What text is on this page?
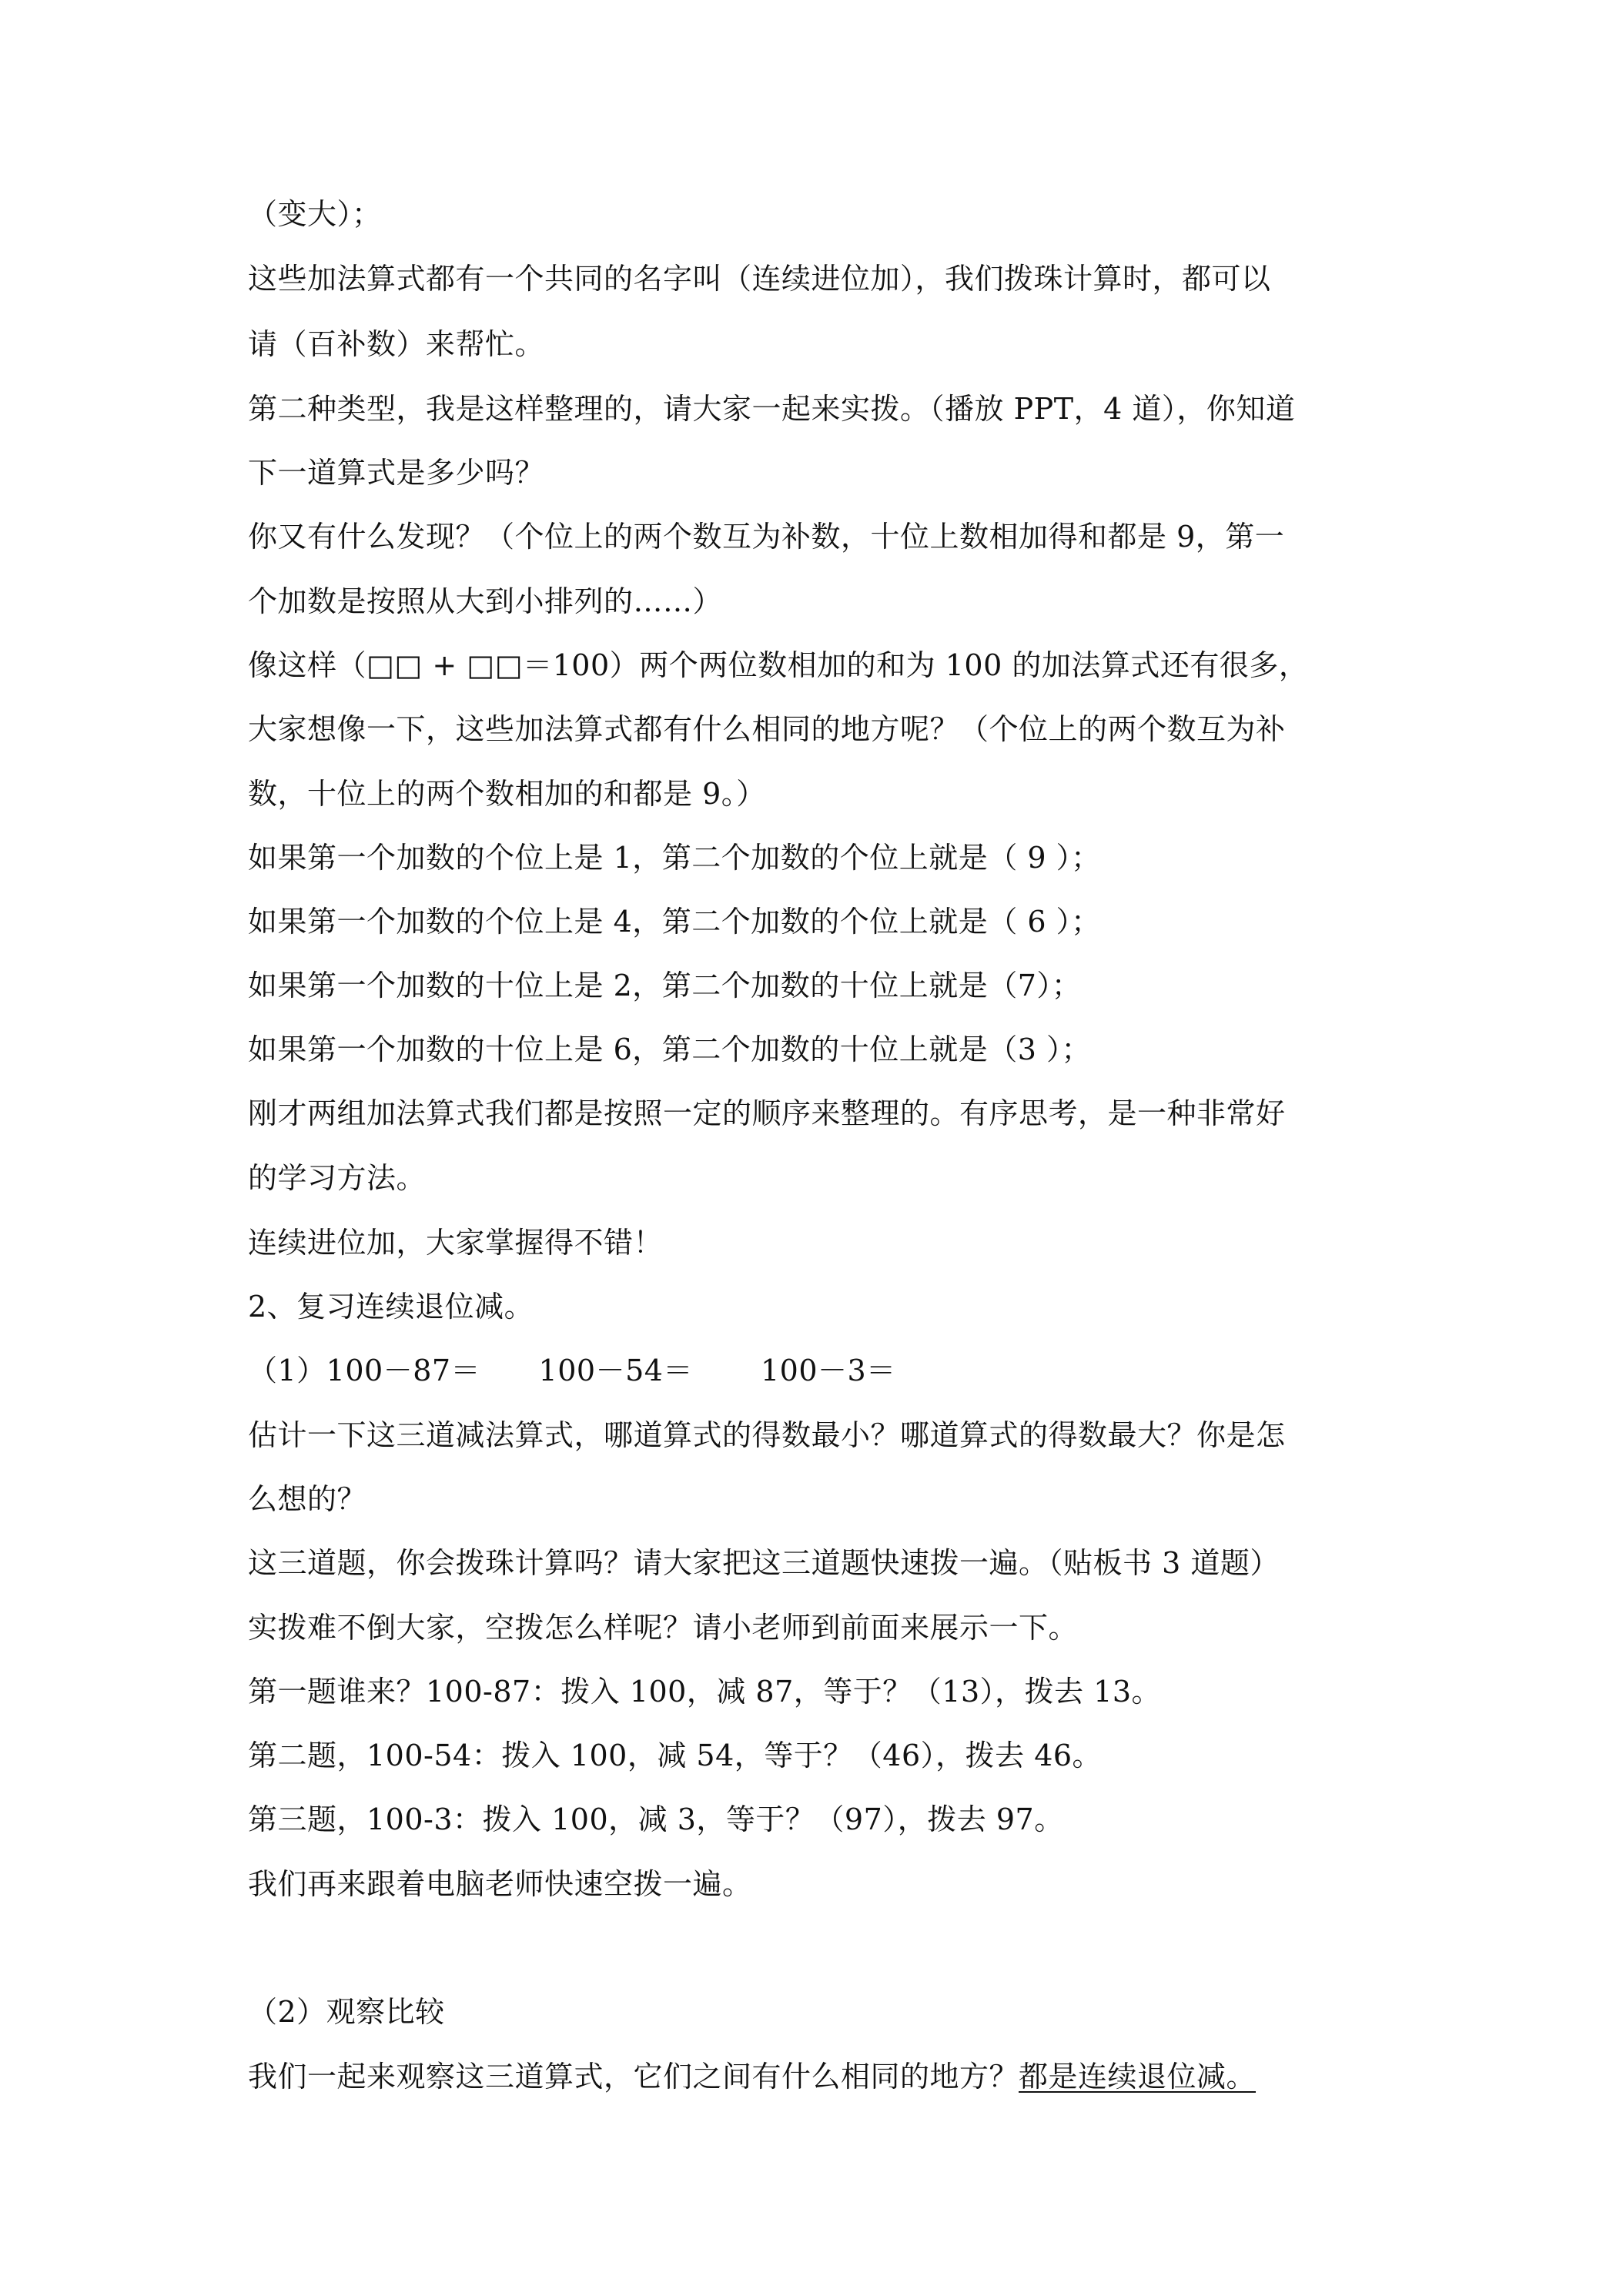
（变大）；
这些加法算式都有一个共同的名字叫（连续进位加），我们拨珠计算时，都可以
请（百补数）来帮忙。
第二种类型，我是这样整理的，请大家一起来实拨。（播放 PPT，4 道），你知道
下一道算式是多少吗？
你又有什么发现？（个位上的两个数互为补数，十位上数相加得和都是 9，第一
个加数是按照从大到小排列的……）
像这样（□□ + □□＝100）两个两位数相加的和为 100 的加法算式还有很多，
大家想像一下，这些加法算式都有什么相同的地方呢？（个位上的两个数互为补
数，十位上的两个数相加的和都是 9。）
如果第一个加数的个位上是 1，第二个加数的个位上就是（ 9 ）；
如果第一个加数的个位上是 4，第二个加数的个位上就是（ 6 ）；
如果第一个加数的十位上是 2，第二个加数的十位上就是（7）；
如果第一个加数的十位上是 6，第二个加数的十位上就是（3 ）；
刚才两组加法算式我们都是按照一定的顺序来整理的。有序思考，是一种非常好
的学习方法。
连续进位加，大家掌握得不错！
2、复习连续退位减。
（1）100－87＝      100－54＝       100－3＝
估计一下这三道减法算式，哪道算式的得数最小？哪道算式的得数最大？你是怎
么想的？
这三道题，你会拨珠计算吗？请大家把这三道题快速拨一遍。（贴板书 3 道题）
实拨难不倒大家，空拨怎么样呢？请小老师到前面来展示一下。
第一题谁来？100-87：拨入 100，减 87，等于？（13），拨去 13。
第二题，100-54：拨入 100，减 54，等于？（46），拨去 46。
第三题，100-3：拨入 100，减 3，等于？（97），拨去 97。
我们再来跟着电脑老师快速空拨一遍。
（2）观察比较
我们一起来观察这三道算式，它们之间有什么相同的地方？都是连续退位减。
